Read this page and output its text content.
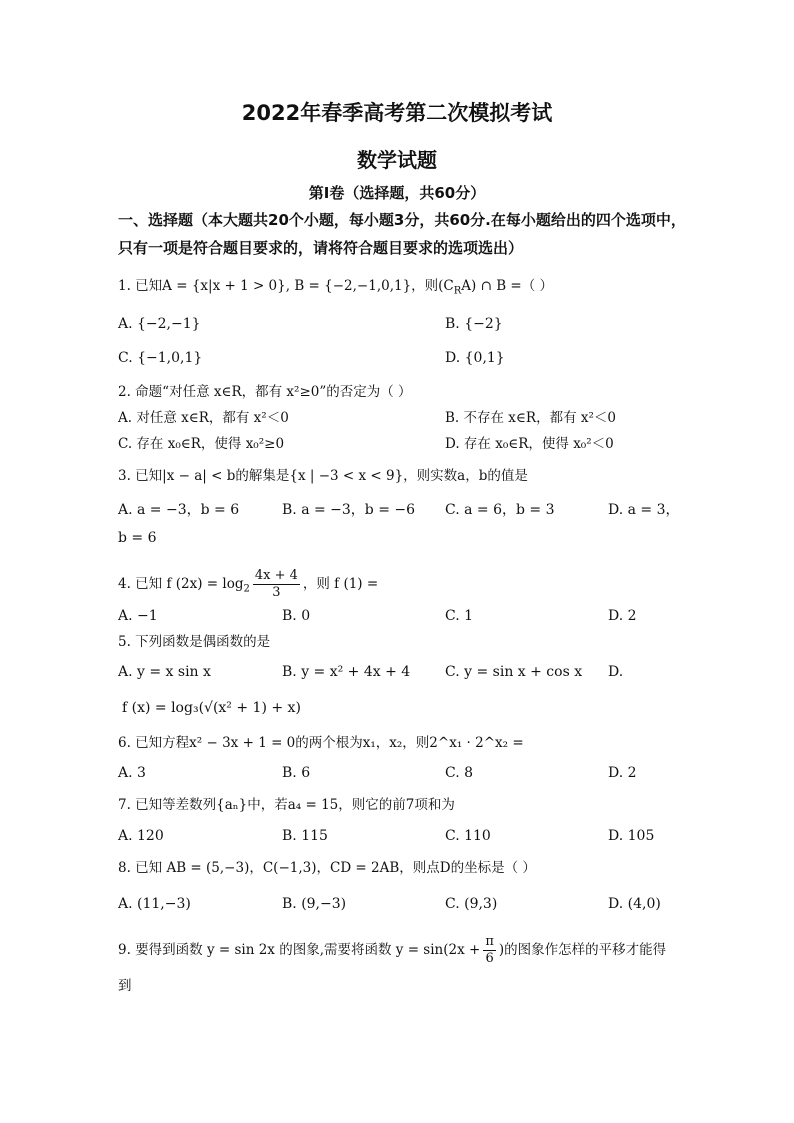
2022年春季高考第二次模拟考试
数学试题
第Ⅰ卷（选择题，共60分）
一、选择题（本大题共20个小题，每小题3分，共60分.在每小题给出的四个选项中，只有一项是符合题目要求的，请将符合题目要求的选项选出）
1. 已知A = {x|x + 1 > 0}, B = {−2,−1,0,1}，则$(C_RA)$ ∩ B =（ ）
A. {−2,−1}	B. {−2}
C. {−1,0,1}	D. {0,1}
2. 命题“对任意 x∈R，都有 x²≥0”的否定为（ ）
A. 对任意 x∈R，都有 x²＜0	B. 不存在 x∈R，都有 x²＜0
C. 存在 x₀∈R，使得 x₀²≥0	D. 存在 x₀∈R，使得 x₀²＜0
3. 已知|x − a| < b的解集是{x | −3 < x < 9}，则实数a，b的值是
A. a = −3，b = 6	B. a = −3，b = −6 C. a = 6，b = 3	D. a = 3，
b = 6
4. 已知 f $(2x) = \log_2 \frac{4x + 4}{3}$ ，则 f (1) =
A. −1	B. 0	C. 1	D. 2
5. 下列函数是偶函数的是
A. y = x sin x	B. y = x² + 4x + 4 C. y = sin x + cos x D.
f (x) = log₃(√(x² + 1) + x)
6. 已知方程x² − 3x + 1 = 0的两个根为x₁，x₂，则2^x₁ · 2^x₂ =
A. 3	B. 6	C. 8	D. 2
7. 已知等差数列{aₙ}中，若a₄ = 15，则它的前7项和为
A. 120	B. 115	C. 110	D. 105
8. 已知 AB = (5,−3)，C(−1,3)，CD = 2AB，则点D的坐标是（ ）
A. (11,−3)	B. (9,−3)	C. (9,3)	D. (4,0)
9. 要得到函数 y = sin 2x 的图象,需要将函数 $y = \sin(2x + \frac{\pi}{6}$ )的图象作怎样的平移才能得
到
